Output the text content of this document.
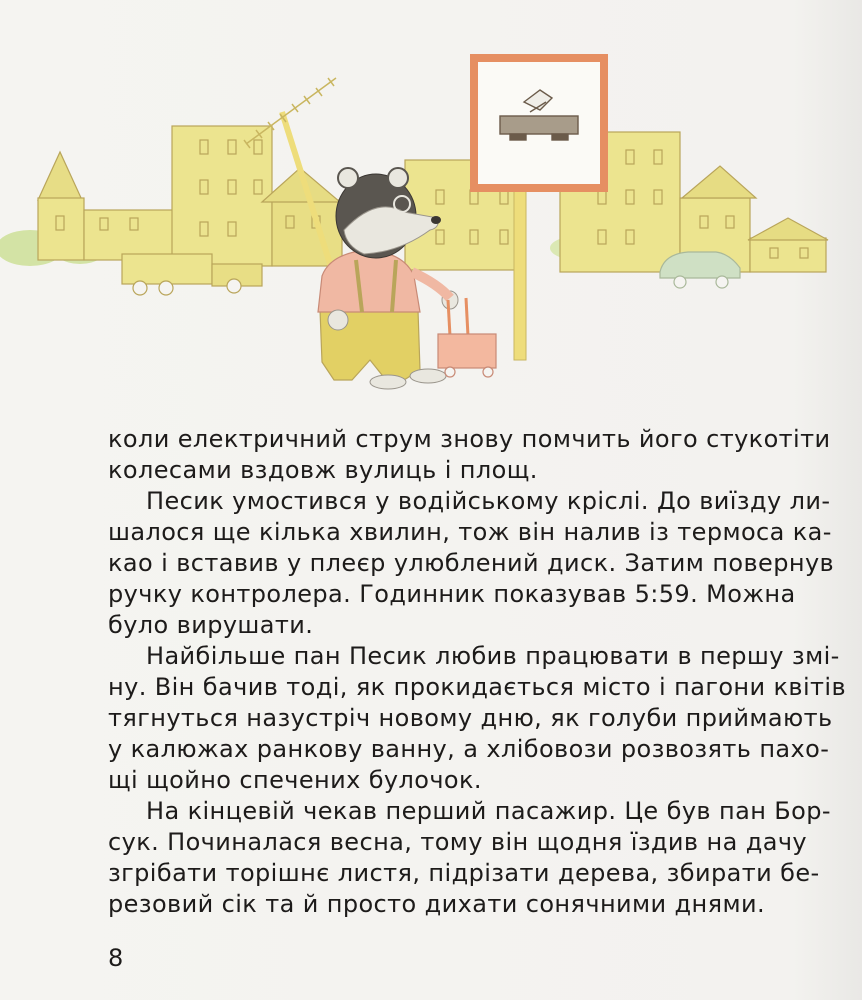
коли електричний струм знову помчить його стукотіти
колесами вздовж вулиць і площ.

Песик умостився у водійському кріслі. До виїзду ли-
шалося ще кілька хвилин, тож він налив із термоса ка-
као і вставив у плеєр улюблений диск. Затим повернув
ручку контролера. Годинник показував 5:59. Можна
було вирушати.

Найбільше пан Песик любив працювати в першу змі-
ну. Він бачив тоді, як прокидається місто і пагони квітів
тягнуться назустріч новому дню, як голуби приймають
у калюжах ранкову ванну, а хлібовози розвозять пахо-
щі щойно спечених булочок.

На кінцевій чекав перший пасажир. Це був пан Бор-
сук. Починалася весна, тому він щодня їздив на дачу
згрібати торішнє листя, підрізати дерева, збирати бе-
резовий сік та й просто дихати сонячними днями.

8
